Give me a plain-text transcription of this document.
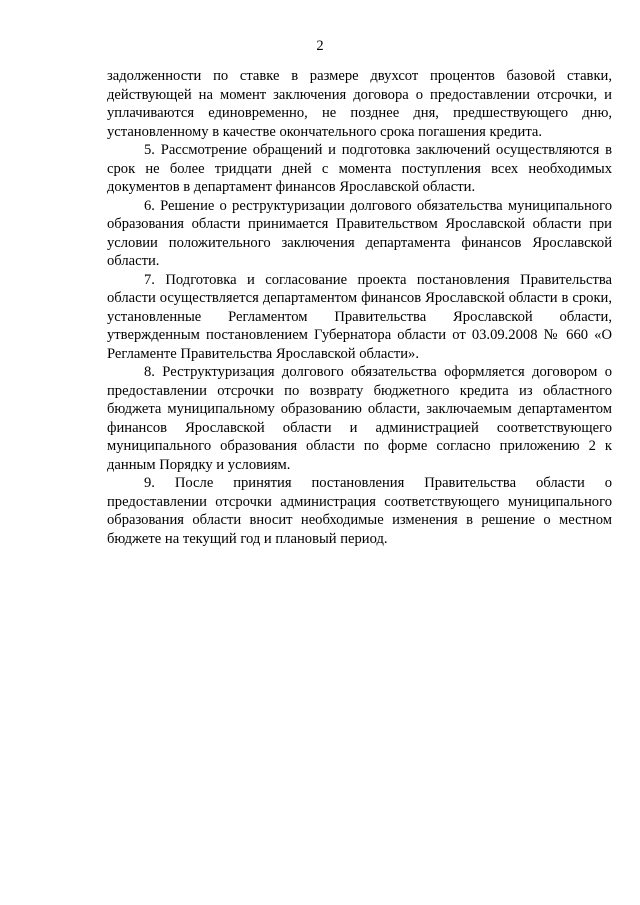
2

задолженности по ставке в размере двухсот процентов базовой ставки, действующей на момент заключения договора о предоставлении отсрочки, и уплачиваются единовременно, не позднее дня, предшествующего дню, установленному в качестве окончательного срока погашения кредита.

5. Рассмотрение обращений и подготовка заключений осуществляются в срок не более тридцати дней с момента поступления всех необходимых документов в департамент финансов Ярославской области.

6. Решение о реструктуризации долгового обязательства муниципального образования области принимается Правительством Ярославской области при условии положительного заключения департамента финансов Ярославской области.

7. Подготовка и согласование проекта постановления Правительства области осуществляется департаментом финансов Ярославской области в сроки, установленные Регламентом Правительства Ярославской области, утвержденным постановлением Губернатора области от 03.09.2008 № 660 «О Регламенте Правительства Ярославской области».

8. Реструктуризация долгового обязательства оформляется договором о предоставлении отсрочки по возврату бюджетного кредита из областного бюджета муниципальному образованию области, заключаемым департаментом финансов Ярославской области и администрацией соответствующего муниципального образования области по форме согласно приложению 2 к данным Порядку и условиям.

9. После принятия постановления Правительства области о предоставлении отсрочки администрация соответствующего муниципального образования области вносит необходимые изменения в решение о местном бюджете на текущий год и плановый период.
